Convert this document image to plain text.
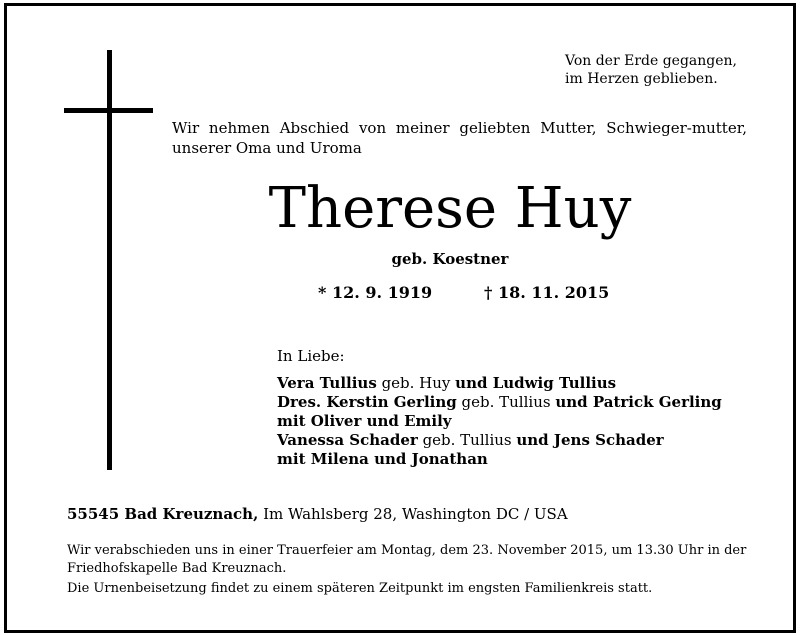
Von der Erde gegangen,
im Herzen geblieben.
Wir nehmen Abschied von meiner geliebten Mutter, Schwieger-mutter, unserer Oma und Uroma
Therese Huy
geb. Koestner
* 12. 9. 1919	† 18. 11. 2015
In Liebe:
Vera Tullius geb. Huy und Ludwig Tullius
Dres. Kerstin Gerling geb. Tullius und Patrick Gerling
mit Oliver und Emily
Vanessa Schader geb. Tullius und Jens Schader
mit Milena und Jonathan
55545 Bad Kreuznach, Im Wahlsberg 28, Washington DC / USA

Wir verabschieden uns in einer Trauerfeier am Montag, dem 23. November 2015, um 13.30 Uhr in der Friedhofskapelle Bad Kreuznach.

Die Urnenbeisetzung findet zu einem späteren Zeitpunkt im engsten Familienkreis statt.
